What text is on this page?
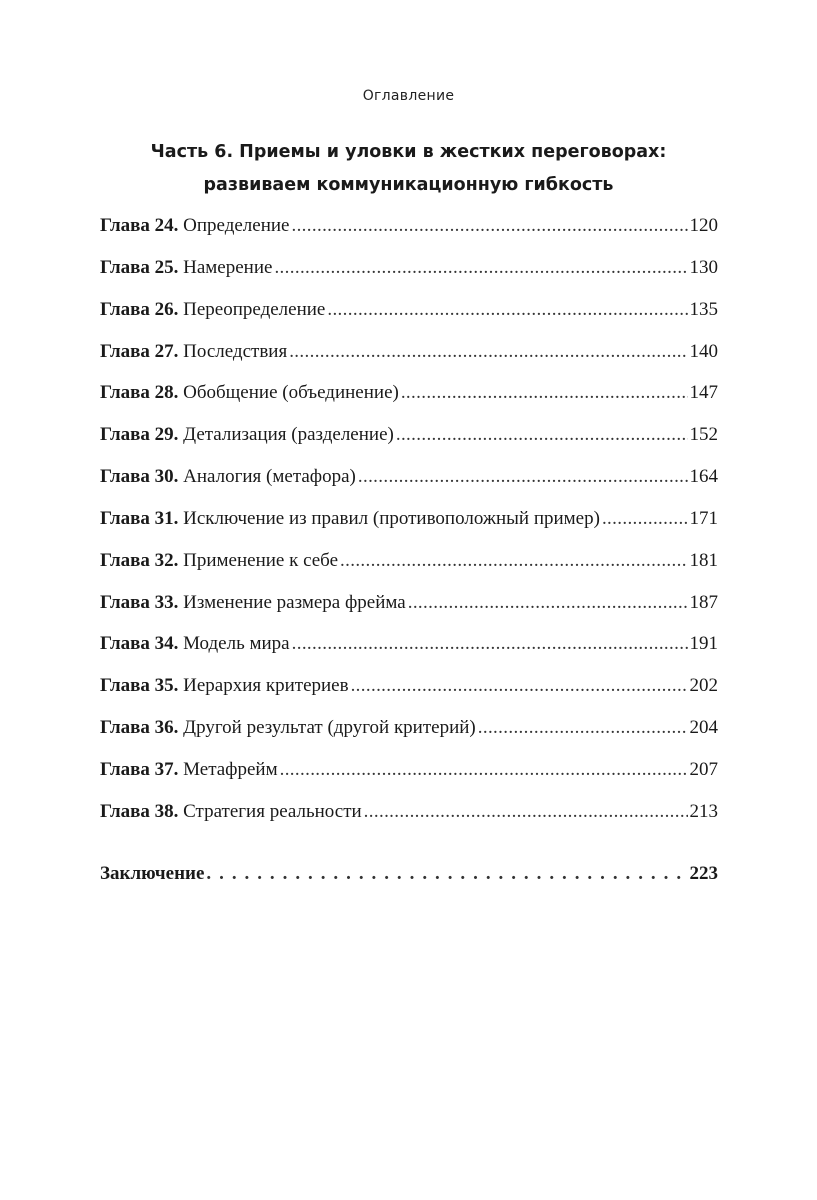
Оглавление
Часть 6. Приемы и уловки в жестких переговорах:
развиваем коммуникационную гибкость
Глава 24. Определение . . .	120
Глава 25. Намерение . . .	130
Глава 26. Переопределение . . .	135
Глава 27. Последствия . . .	140
Глава 28. Обобщение (объединение) . . .	147
Глава 29. Детализация (разделение) . . .	152
Глава 30. Аналогия (метафора) . . .	164
Глава 31. Исключение из правил (противоположный пример) . . .	171
Глава 32. Применение к себе . . .	181
Глава 33. Изменение размера фрейма . . .	187
Глава 34. Модель мира . . .	191
Глава 35. Иерархия критериев . . .	202
Глава 36. Другой результат (другой критерий) . . .	204
Глава 37. Метафрейм . . .	207
Глава 38. Стратегия реальности . . .	213
Заключение . . .	223
